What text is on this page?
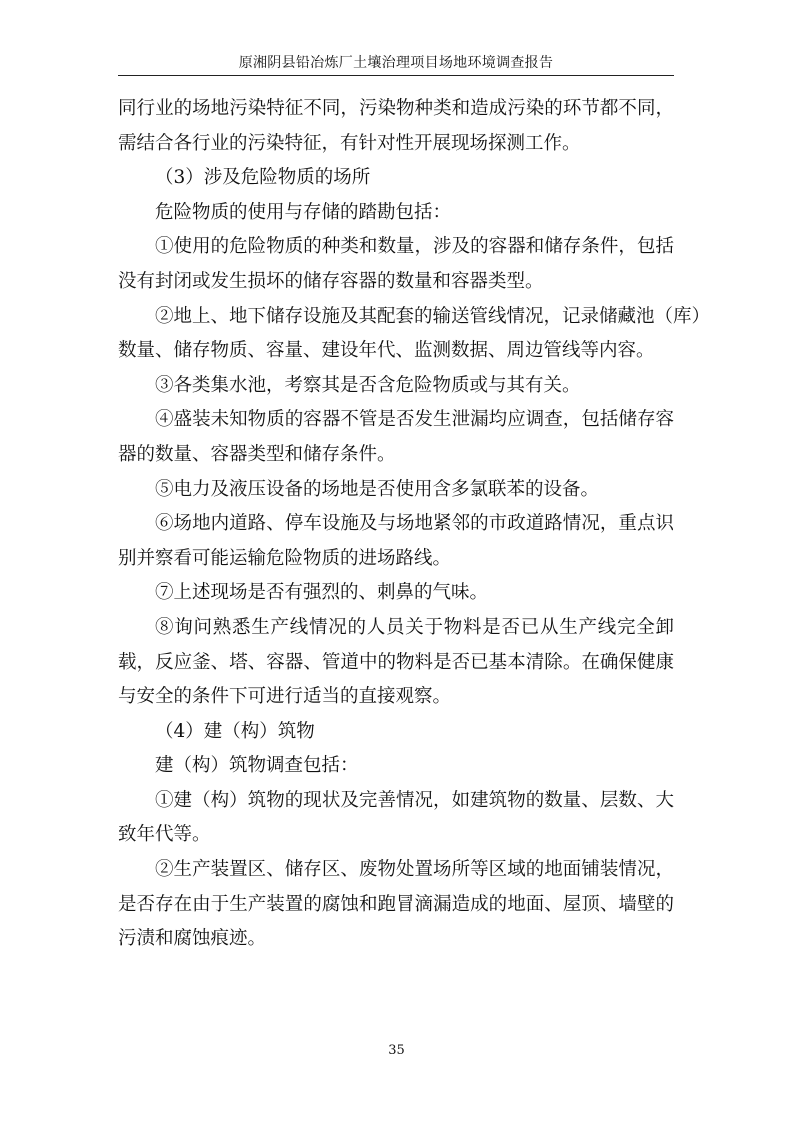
原湘阴县铅冶炼厂土壤治理项目场地环境调查报告
同行业的场地污染特征不同，污染物种类和造成污染的环节都不同， 需结合各行业的污染特征，有针对性开展现场探测工作。
（3）涉及危险物质的场所
危险物质的使用与存储的踏勘包括：
①使用的危险物质的种类和数量，涉及的容器和储存条件，包括 没有封闭或发生损坏的储存容器的数量和容器类型。
②地上、地下储存设施及其配套的输送管线情况，记录储藏池（库） 数量、储存物质、容量、建设年代、监测数据、周边管线等内容。
③各类集水池，考察其是否含危险物质或与其有关。
④盛装未知物质的容器不管是否发生泄漏均应调查，包括储存容 器的数量、容器类型和储存条件。
⑤电力及液压设备的场地是否使用含多氯联苯的设备。
⑥场地内道路、停车设施及与场地紧邻的市政道路情况，重点识 别并察看可能运输危险物质的进场路线。
⑦上述现场是否有强烈的、刺鼻的气味。
⑧询问熟悉生产线情况的人员关于物料是否已从生产线完全卸 载，反应釜、塔、容器、管道中的物料是否已基本清除。在确保健康 与安全的条件下可进行适当的直接观察。
（4）建（构）筑物
建（构）筑物调查包括：
①建（构）筑物的现状及完善情况，如建筑物的数量、层数、大 致年代等。
②生产装置区、储存区、废物处置场所等区域的地面铺装情况， 是否存在由于生产装置的腐蚀和跑冒滴漏造成的地面、屋顶、墙壁的 污渍和腐蚀痕迹。
35
